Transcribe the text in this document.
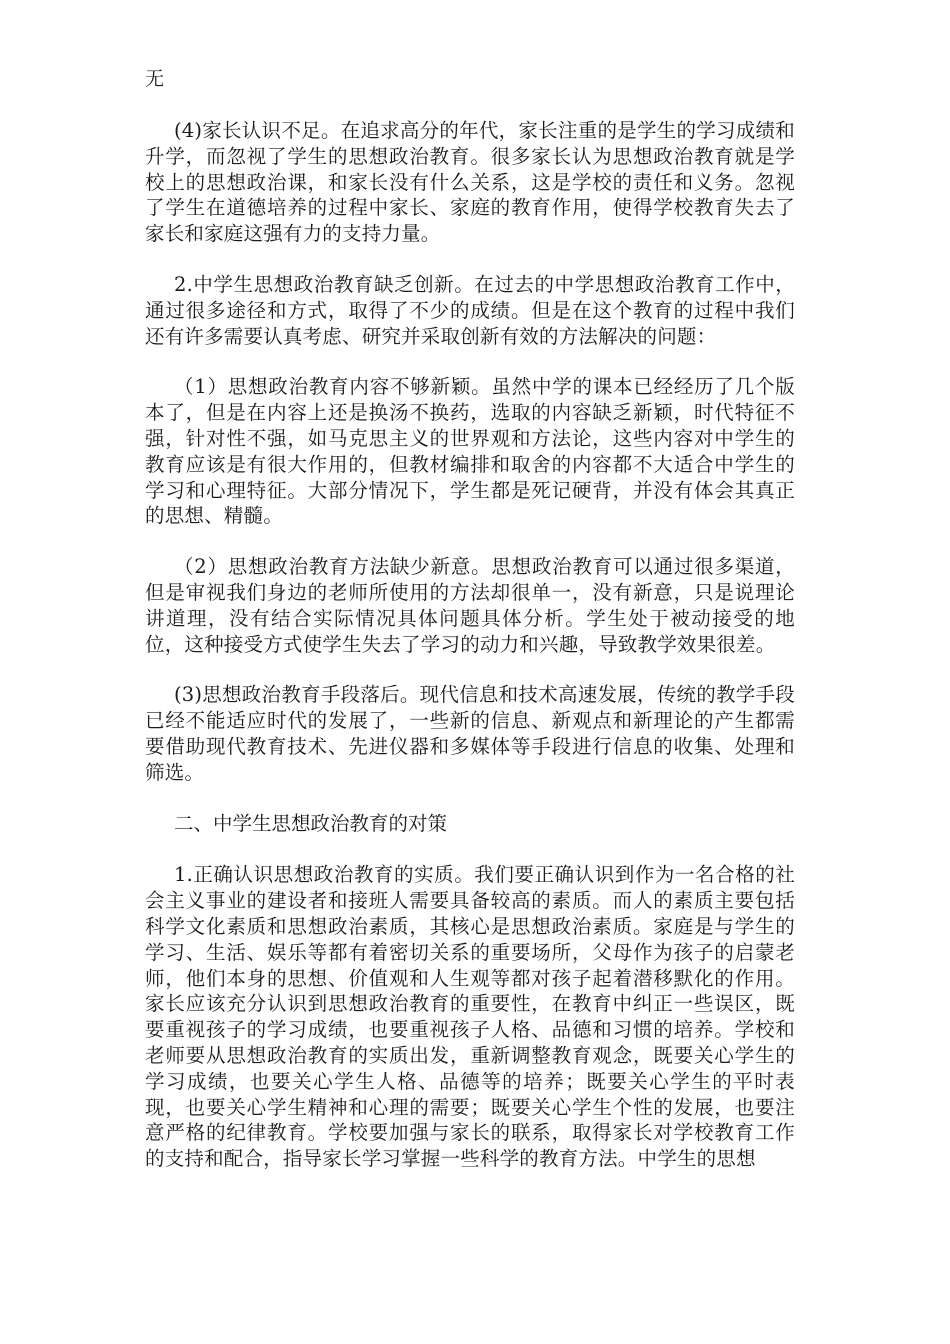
无

(4)家长认识不足。在追求高分的年代，家长注重的是学生的学习成绩和升学，而忽视了学生的思想政治教育。很多家长认为思想政治教育就是学校上的思想政治课，和家长没有什么关系，这是学校的责任和义务。忽视了学生在道德培养的过程中家长、家庭的教育作用，使得学校教育失去了家长和家庭这强有力的支持力量。

2.中学生思想政治教育缺乏创新。在过去的中学思想政治教育工作中，通过很多途径和方式，取得了不少的成绩。但是在这个教育的过程中我们还有许多需要认真考虑、研究并采取创新有效的方法解决的问题：

（1）思想政治教育内容不够新颖。虽然中学的课本已经经历了几个版本了，但是在内容上还是换汤不换药，选取的内容缺乏新颖，时代特征不强，针对性不强，如马克思主义的世界观和方法论，这些内容对中学生的教育应该是有很大作用的，但教材编排和取舍的内容都不大适合中学生的学习和心理特征。大部分情况下，学生都是死记硬背，并没有体会其真正的思想、精髓。

（2）思想政治教育方法缺少新意。思想政治教育可以通过很多渠道，但是审视我们身边的老师所使用的方法却很单一，没有新意，只是说理论讲道理，没有结合实际情况具体问题具体分析。学生处于被动接受的地位，这种接受方式使学生失去了学习的动力和兴趣，导致教学效果很差。

(3)思想政治教育手段落后。现代信息和技术高速发展，传统的教学手段已经不能适应时代的发展了，一些新的信息、新观点和新理论的产生都需要借助现代教育技术、先进仪器和多媒体等手段进行信息的收集、处理和筛选。

二、中学生思想政治教育的对策

1.正确认识思想政治教育的实质。我们要正确认识到作为一名合格的社会主义事业的建设者和接班人需要具备较高的素质。而人的素质主要包括科学文化素质和思想政治素质，其核心是思想政治素质。家庭是与学生的学习、生活、娱乐等都有着密切关系的重要场所，父母作为孩子的启蒙老师，他们本身的思想、价值观和人生观等都对孩子起着潜移默化的作用。家长应该充分认识到思想政治教育的重要性，在教育中纠正一些误区，既要重视孩子的学习成绩，也要重视孩子人格、品德和习惯的培养。学校和老师要从思想政治教育的实质出发，重新调整教育观念，既要关心学生的学习成绩，也要关心学生人格、品德等的培养；既要关心学生的平时表现，也要关心学生精神和心理的需要；既要关心学生个性的发展，也要注意严格的纪律教育。学校要加强与家长的联系，取得家长对学校教育工作的支持和配合，指导家长学习掌握一些科学的教育方法。中学生的思想
